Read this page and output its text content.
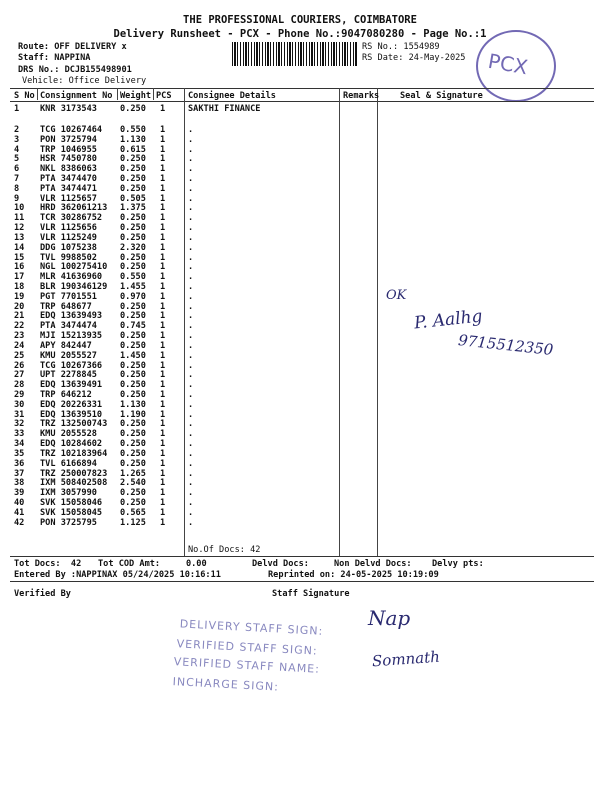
THE PROFESSIONAL COURIERS, COIMBATORE
Delivery Runsheet - PCX - Phone No.:9047080280 - Page No.:1
Route: OFF DELIVERY x
Staff: NAPPINA
DRS No.: DCJB155498901
Vehicle: Office Delivery
RS No.: 1554989
RS Date: 24-May-2025 PCX
S No Consignment No Weight PCS Consignee Details	Remarks Seal & Signature
1 KNR 3173543	0.250 1	SAKTHI FINANCE
2 TCG 10267464 0.550 1	.
3 PON 3725794	1.130 1	.
4 TRP 1046955	0.615 1	.
5 HSR 7450780	0.250 1	.
6 NKL 8386063	0.250 1	.
7 PTA 3474470	0.250 1	.
8 PTA 3474471	0.250 1	.
9 VLR 1125657	0.505 1	.
10 HRD 362061213 1.375 1	.
11 TCR 30286752 0.250 1	.
12 VLR 1125656	0.250 1	.
13 VLR 1125249	0.250 1	.
14 DDG 1075238	2.320 1	.
15 TVL 9988502	0.250 1	.
16 NGL 100275410 0.250 1	.
17 MLR 41636960 0.550 1	.
18 BLR 190346129 1.455 1	.
19 PGT 7701551	0.970 1	.
20 TRP 648677	0.250 1	.
21 EDQ 13639493 0.250 1	.
22 PTA 3474474	0.745 1	.
23 MJI 15213935 0.250 1	.
24 APY 842447	0.250 1	.
25 KMU 2055527	1.450 1	.
26 TCG 10267366 0.250 1	.
27 UPT 2278845	0.250 1	.
28 EDQ 13639491 0.250 1	.
29 TRP 646212	0.250 1	.
30 EDQ 20226331 1.130 1	.
31 EDQ 13639510 1.190 1	.
32 TRZ 132500743 0.250 1	.
33 KMU 2055528	0.250 1	.
34 EDQ 10284602 0.250 1	.
35 TRZ 102183964 0.250 1	.
36 TVL 6166894	0.250 1	.
37 TRZ 250007823 1.265 1	.
38 IXM 508402508 2.540 1	.
39 IXM 3057990	0.250 1	.
40 SVK 15058046 0.250 1	.
41 SVK 15058045 0.565 1	.
42 PON 3725795	1.125 1	.
No.Of Docs: 42
OK
P. Aalhg
9715512350
Tot Docs:  42 Tot COD Amt:     0.00	Delvd Docs:	Non Delvd Docs: Delvy pts:
Entered By :NAPPINAX 05/24/2025 10:16:11	Reprinted on: 24-05-2025 10:19:09
Verified By	Staff Signature
DELIVERY STAFF SIGN:
VERIFIED STAFF SIGN:
VERIFIED STAFF NAME:
INCHARGE SIGN:
Nap
Somnath
